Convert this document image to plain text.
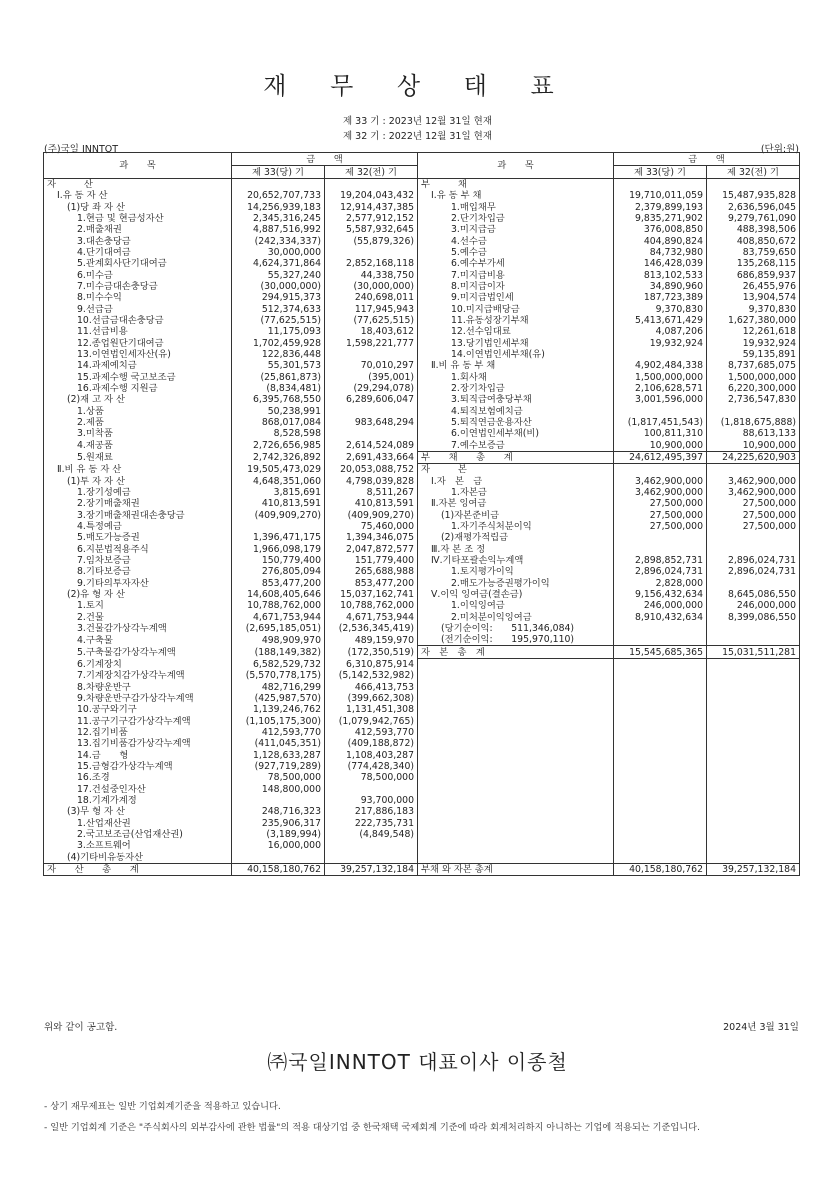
재 무 상 태 표
제 33 기 : 2023년 12월 31일 현재
제 32 기 : 2022년 12월 31일 현재
(주)국일 INNTOT	(단위:원)
과　　목	금　　액		과　　목	금　　액	
	제 33(당) 기	제 32(전) 기		제 33(당) 기	제 32(전) 기
자　　　산			부　　　채		
Ⅰ.유 동 자 산	20,652,707,733	19,204,043,432	Ⅰ.유 동 부 채	19,710,011,059	15,487,935,828
(1)당 좌 자 산	14,256,939,183	12,914,437,385	1.매입채무	2,379,899,193	2,636,596,045
1.현금 및 현금성자산	2,345,316,245	2,577,912,152	2.단기차입금	9,835,271,902	9,279,761,090
2.매출채권	4,887,516,992	5,587,932,645	3.미지급금	376,008,850	488,398,506
3.대손충당금	(242,334,337)	(55,879,326)	4.선수금	404,890,824	408,850,672
4.단기대여금	30,000,000		5.예수금	84,732,980	83,759,650
5.관계회사단기대여금	4,624,371,864	2,852,168,118	6.예수부가세	146,428,039	135,268,115
6.미수금	55,327,240	44,338,750	7.미지급비용	813,102,533	686,859,937
7.미수금대손충당금	(30,000,000)	(30,000,000)	8.미지급이자	34,890,960	26,455,976
8.미수수익	294,915,373	240,698,011	9.미지급법인세	187,723,389	13,904,574
9.선급금	512,374,633	117,945,943	10.미지급배당금	9,370,830	9,370,830
10.선급금대손충당금	(77,625,515)	(77,625,515)	11.유동성장기부채	5,413,671,429	1,627,380,000
11.선급비용	11,175,093	18,403,612	12.선수임대료	4,087,206	12,261,618
12.종업원단기대여금	1,702,459,928	1,598,221,777	13.당기법인세부채	19,932,924	19,932,924
13.이연법인세자산(유)	122,836,448		14.이연법인세부채(유)		59,135,891
14.과제예치금	55,301,573	70,010,297	Ⅱ.비 유 동 부 채	4,902,484,338	8,737,685,075
15.과제수행 국고보조금	(25,861,873)	(395,001)	1.회사채	1,500,000,000	1,500,000,000
16.과제수행 지원금	(8,834,481)	(29,294,078)	2.장기차입금	2,106,628,571	6,220,300,000
(2)재 고 자 산	6,395,768,550	6,289,606,047	3.퇴직급여충당부채	3,001,596,000	2,736,547,830
1.상품	50,238,991		4.퇴직보험예치금		
2.제품	868,017,084	983,648,294	5.퇴직연금운용자산	(1,817,451,543)	(1,818,675,888)
3.미착품	8,528,598		6.이연법인세부채(비)	100,811,310	88,613,133
4.재공품	2,726,656,985	2,614,524,089	7.예수보증금	10,900,000	10,900,000
5.원재료	2,742,326,892	2,691,433,664	부　　채　　총　　계	24,612,495,397	24,225,620,903
Ⅱ.비 유 동 자 산	19,505,473,029	20,053,088,752	자　　　본		
(1)투 자 자 산	4,648,351,060	4,798,039,828	Ⅰ.자　본　금	3,462,900,000	3,462,900,000
1.장기성예금	3,815,691	8,511,267	1.자본금	3,462,900,000	3,462,900,000
2.장기매출채권	410,813,591	410,813,591	Ⅱ.자본 잉여금	27,500,000	27,500,000
3.장기매출채권대손충당금	(409,909,270)	(409,909,270)	(1)자본준비금	27,500,000	27,500,000
4.특정예금		75,460,000	1.자기주식처분이익	27,500,000	27,500,000
5.매도가능증권	1,396,471,175	1,394,346,075	(2)재평가적립금		
6.지분법적용주식	1,966,098,179	2,047,872,577	Ⅲ.자 본 조 정		
7.임차보증금	150,779,400	151,779,400	Ⅳ.기타포괄손익누계액	2,898,852,731	2,896,024,731
8.기타보증금	276,805,094	265,688,988	1.토지평가이익	2,896,024,731	2,896,024,731
9.기타의투자자산	853,477,200	853,477,200	2.매도가능증권평가이익	2,828,000	
(2)유 형 자 산	14,608,405,646	15,037,162,741	Ⅴ.이익 잉여금(결손금)	9,156,432,634	8,645,086,550
1.토지	10,788,762,000	10,788,762,000	1.이익잉여금	246,000,000	246,000,000
2.건물	4,671,753,944	4,671,753,944	2.미처분이익잉여금	8,910,432,634	8,399,086,550
3.건물감가상각누계액	(2,695,185,051)	(2,536,345,419)	(당기순이익:　　511,346,084)		
4.구축물	498,909,970	489,159,970	(전기순이익:　　195,970,110)		
5.구축물감가상각누계액	(188,149,382)	(172,350,519)	자　본　총　계	15,545,685,365	15,031,511,281
6.기계장치	6,582,529,732	6,310,875,914			
7.기계장치감가상각누계액	(5,570,778,175)	(5,142,532,982)			
8.차량운반구	482,716,299	466,413,753			
9.차량운반구감가상각누계액	(425,987,570)	(399,662,308)			
10.공구와기구	1,139,246,762	1,131,451,308			
11.공구기구감가상각누계액	(1,105,175,300)	(1,079,942,765)			
12.집기비품	412,593,770	412,593,770			
13.집기비품감가상각누계액	(411,045,351)	(409,188,872)			
14.금　　형	1,128,633,287	1,108,403,287			
15.금형감가상각누계액	(927,719,289)	(774,428,340)			
16.조경	78,500,000	78,500,000			
17.건설중인자산	148,800,000				
18.기계가계정		93,700,000			
(3)무 형 자 산	248,716,323	217,886,183			
1.산업재산권	235,906,317	222,735,731			
2.국고보조금(산업재산권)	(3,189,994)	(4,849,548)			
3.소프트웨어	16,000,000				
(4)기타비유동자산					
자　　산　　총　　계	40,158,180,762	39,257,132,184	부채 와 자본 총계	40,158,180,762	39,257,132,184
위와 같이 공고함.	2024년 3월 31일
㈜국일INNTOT 대표이사 이종철
- 상기 재무제표는 일반 기업회계기준을 적용하고 있습니다.
- 일반 기업회계 기준은 "주식회사의 외부감사에 관한 법률"의 적용 대상기업 중 한국채택 국제회계 기준에 따라 회계처리하지 아니하는 기업에 적용되는 기준입니다.
